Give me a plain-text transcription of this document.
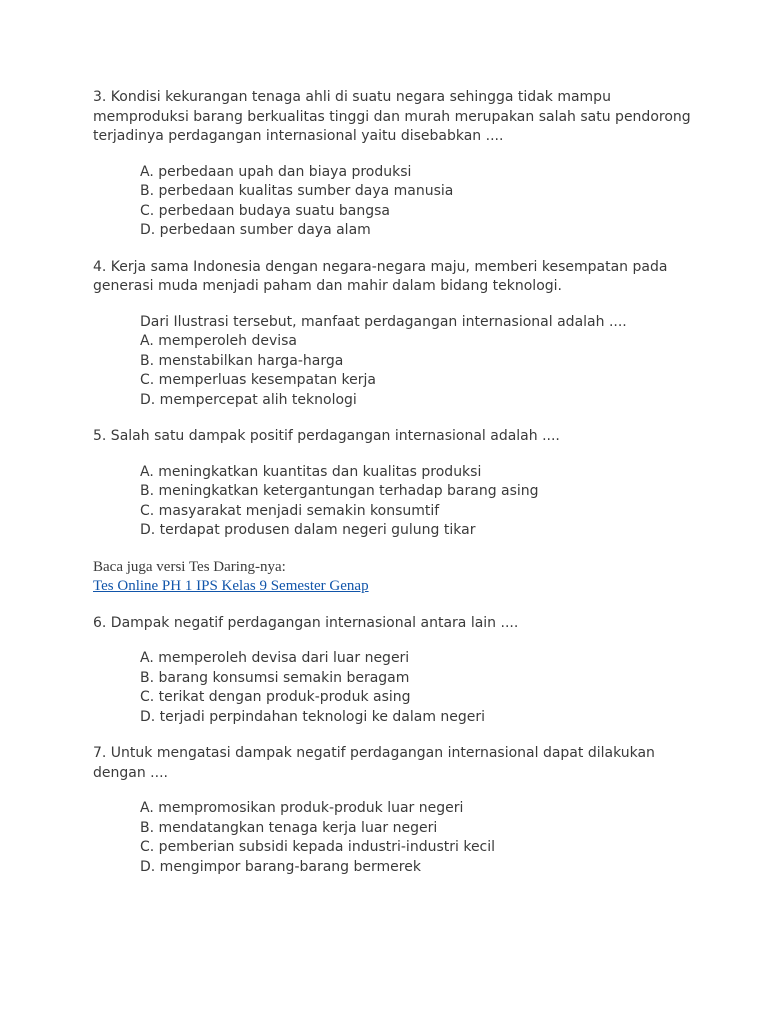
3. Kondisi kekurangan tenaga ahli di suatu negara sehingga tidak mampu
memproduksi barang berkualitas tinggi dan murah merupakan salah satu pendorong
terjadinya perdagangan internasional yaitu disebabkan ....

A. perbedaan upah dan biaya produksi
B. perbedaan kualitas sumber daya manusia
C. perbedaan budaya suatu bangsa
D. perbedaan sumber daya alam

4. Kerja sama Indonesia dengan negara-negara maju, memberi kesempatan pada
generasi muda menjadi paham dan mahir dalam bidang teknologi.

Dari Ilustrasi tersebut, manfaat perdagangan internasional adalah ....

A. memperoleh devisa
B. menstabilkan harga-harga
C. memperluas kesempatan kerja
D. mempercepat alih teknologi

5. Salah satu dampak positif perdagangan internasional adalah ....

A. meningkatkan kuantitas dan kualitas produksi
B. meningkatkan ketergantungan terhadap barang asing
C. masyarakat menjadi semakin konsumtif
D. terdapat produsen dalam negeri gulung tikar

Baca juga versi Tes Daring-nya:

Tes Online PH 1 IPS Kelas 9 Semester Genap

6. Dampak negatif perdagangan internasional antara lain ....

A. memperoleh devisa dari luar negeri
B. barang konsumsi semakin beragam
C. terikat dengan produk-produk asing
D. terjadi perpindahan teknologi ke dalam negeri

7. Untuk mengatasi dampak negatif perdagangan internasional dapat dilakukan
dengan ....

A. mempromosikan produk-produk luar negeri
B. mendatangkan tenaga kerja luar negeri
C. pemberian subsidi kepada industri-industri kecil
D. mengimpor barang-barang bermerek
